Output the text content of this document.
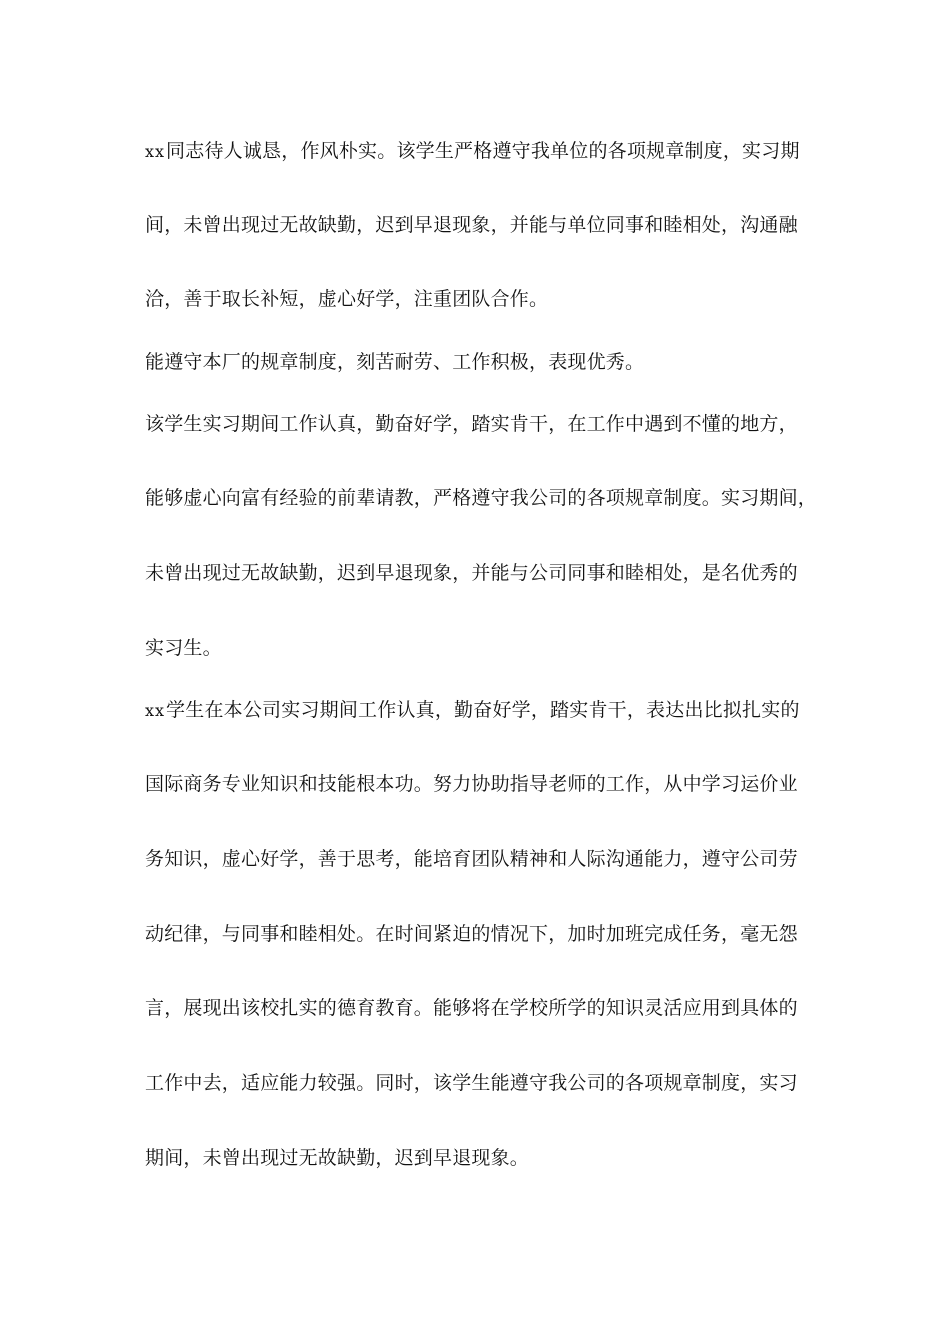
xx同志待人诚恳，作风朴实。该学生严格遵守我单位的各项规章制度，实习期
间，未曾出现过无故缺勤，迟到早退现象，并能与单位同事和睦相处，沟通融
洽，善于取长补短，虚心好学，注重团队合作。
能遵守本厂的规章制度，刻苦耐劳、工作积极，表现优秀。
该学生实习期间工作认真，勤奋好学，踏实肯干，在工作中遇到不懂的地方，
能够虚心向富有经验的前辈请教，严格遵守我公司的各项规章制度。实习期间，
未曾出现过无故缺勤，迟到早退现象，并能与公司同事和睦相处，是名优秀的
实习生。
xx学生在本公司实习期间工作认真，勤奋好学，踏实肯干，表达出比拟扎实的
国际商务专业知识和技能根本功。努力协助指导老师的工作，从中学习运价业
务知识，虚心好学，善于思考，能培育团队精神和人际沟通能力，遵守公司劳
动纪律，与同事和睦相处。在时间紧迫的情况下，加时加班完成任务，毫无怨
言，展现出该校扎实的德育教育。能够将在学校所学的知识灵活应用到具体的
工作中去，适应能力较强。同时，该学生能遵守我公司的各项规章制度，实习
期间，未曾出现过无故缺勤，迟到早退现象。
